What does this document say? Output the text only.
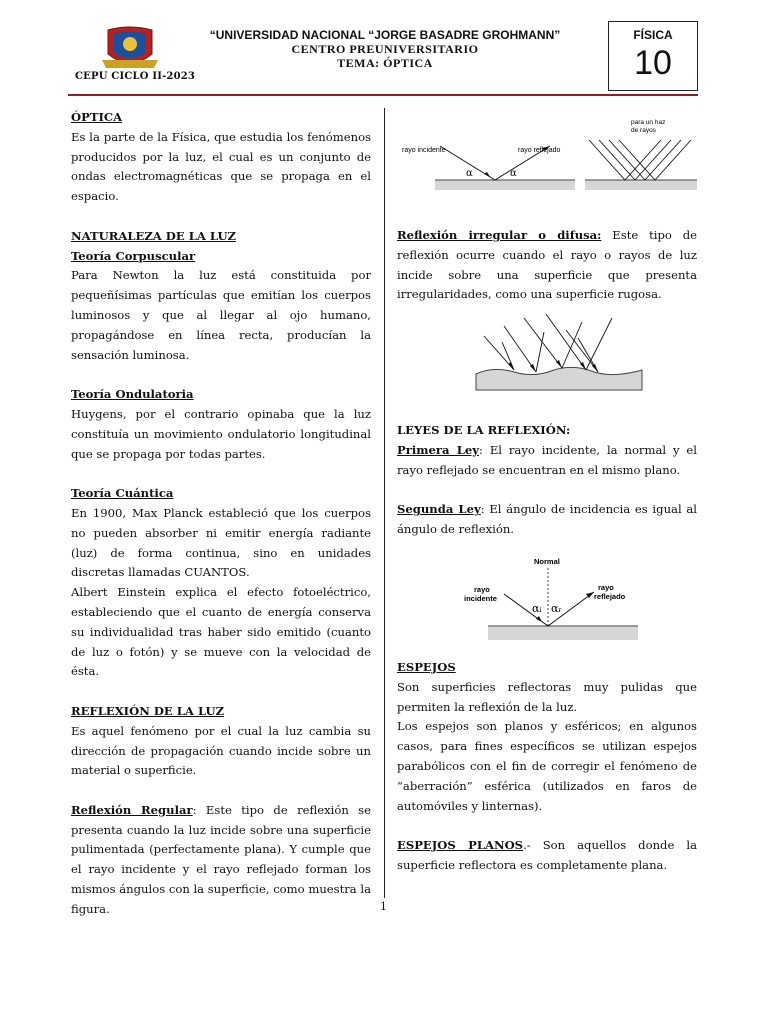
CEPU CICLO II-2023
“UNIVERSIDAD NACIONAL “JORGE BASADRE GROHMANN”
CENTRO PREUNIVERSITARIO
TEMA: ÓPTICA
FÍSICA
10

ÓPTICA

Es la parte de la Física, que estudia los fenómenos producidos por la luz, el cual es un conjunto de ondas electromagnéticas que se propaga en el espacio.

NATURALEZA DE LA LUZ

Teoría Corpuscular

Para Newton la luz está constituida por pequeñísimas partículas que emitían los cuerpos luminosos y que al llegar al ojo humano, propagándose en línea recta, producían la sensación luminosa.

Teoría Ondulatoria

Huygens, por el contrario opinaba que la luz constituía un movimiento ondulatorio longitudinal que se propaga por todas partes.

Teoría Cuántica

En 1900, Max Planck estableció que los cuerpos no pueden absorber ni emitir energía radiante (luz) de forma continua, sino en unidades discretas llamadas CUANTOS.

Albert Einstein explica el efecto fotoeléctrico, estableciendo que el cuanto de energía conserva su individualidad tras haber sido emitido (cuanto de luz o fotón) y se mueve con la velocidad de ésta.

REFLEXIÓN DE LA LUZ

Es aquel fenómeno por el cual la luz cambia su dirección de propagación cuando incide sobre un material o superficie.

Reflexión Regular: Este tipo de reflexión se presenta cuando la luz incide sobre una superficie pulimentada (perfectamente plana). Y cumple que el rayo incidente y el rayo reflejado forman los mismos ángulos con la superficie, como muestra la figura.

rayo incidente	rayo reflejado
α	α
para un haz
de rayos

Reflexión irregular o difusa: Este tipo de reflexión ocurre cuando el rayo o rayos de luz incide sobre una superficie que presenta irregularidades, como una superficie rugosa.

LEYES DE LA REFLEXIÓN:

Primera Ley: El rayo incidente, la normal y el rayo reflejado se encuentran en el mismo plano.

Segunda Ley: El ángulo de incidencia es igual al ángulo de reflexión.

Normal
rayo
incidente
rayo
reflejado
αᵢ αᵣ

ESPEJOS

Son superficies reflectoras muy pulidas que permiten la reflexión de la luz.

Los espejos son planos y esféricos; en algunos casos, para fines específicos se utilizan espejos parabólicos con el fin de corregir el fenómeno de “aberración” esférica (utilizados en faros de automóviles y linternas).

ESPEJOS PLANOS.- Son aquellos donde la superficie reflectora es completamente plana.

1
